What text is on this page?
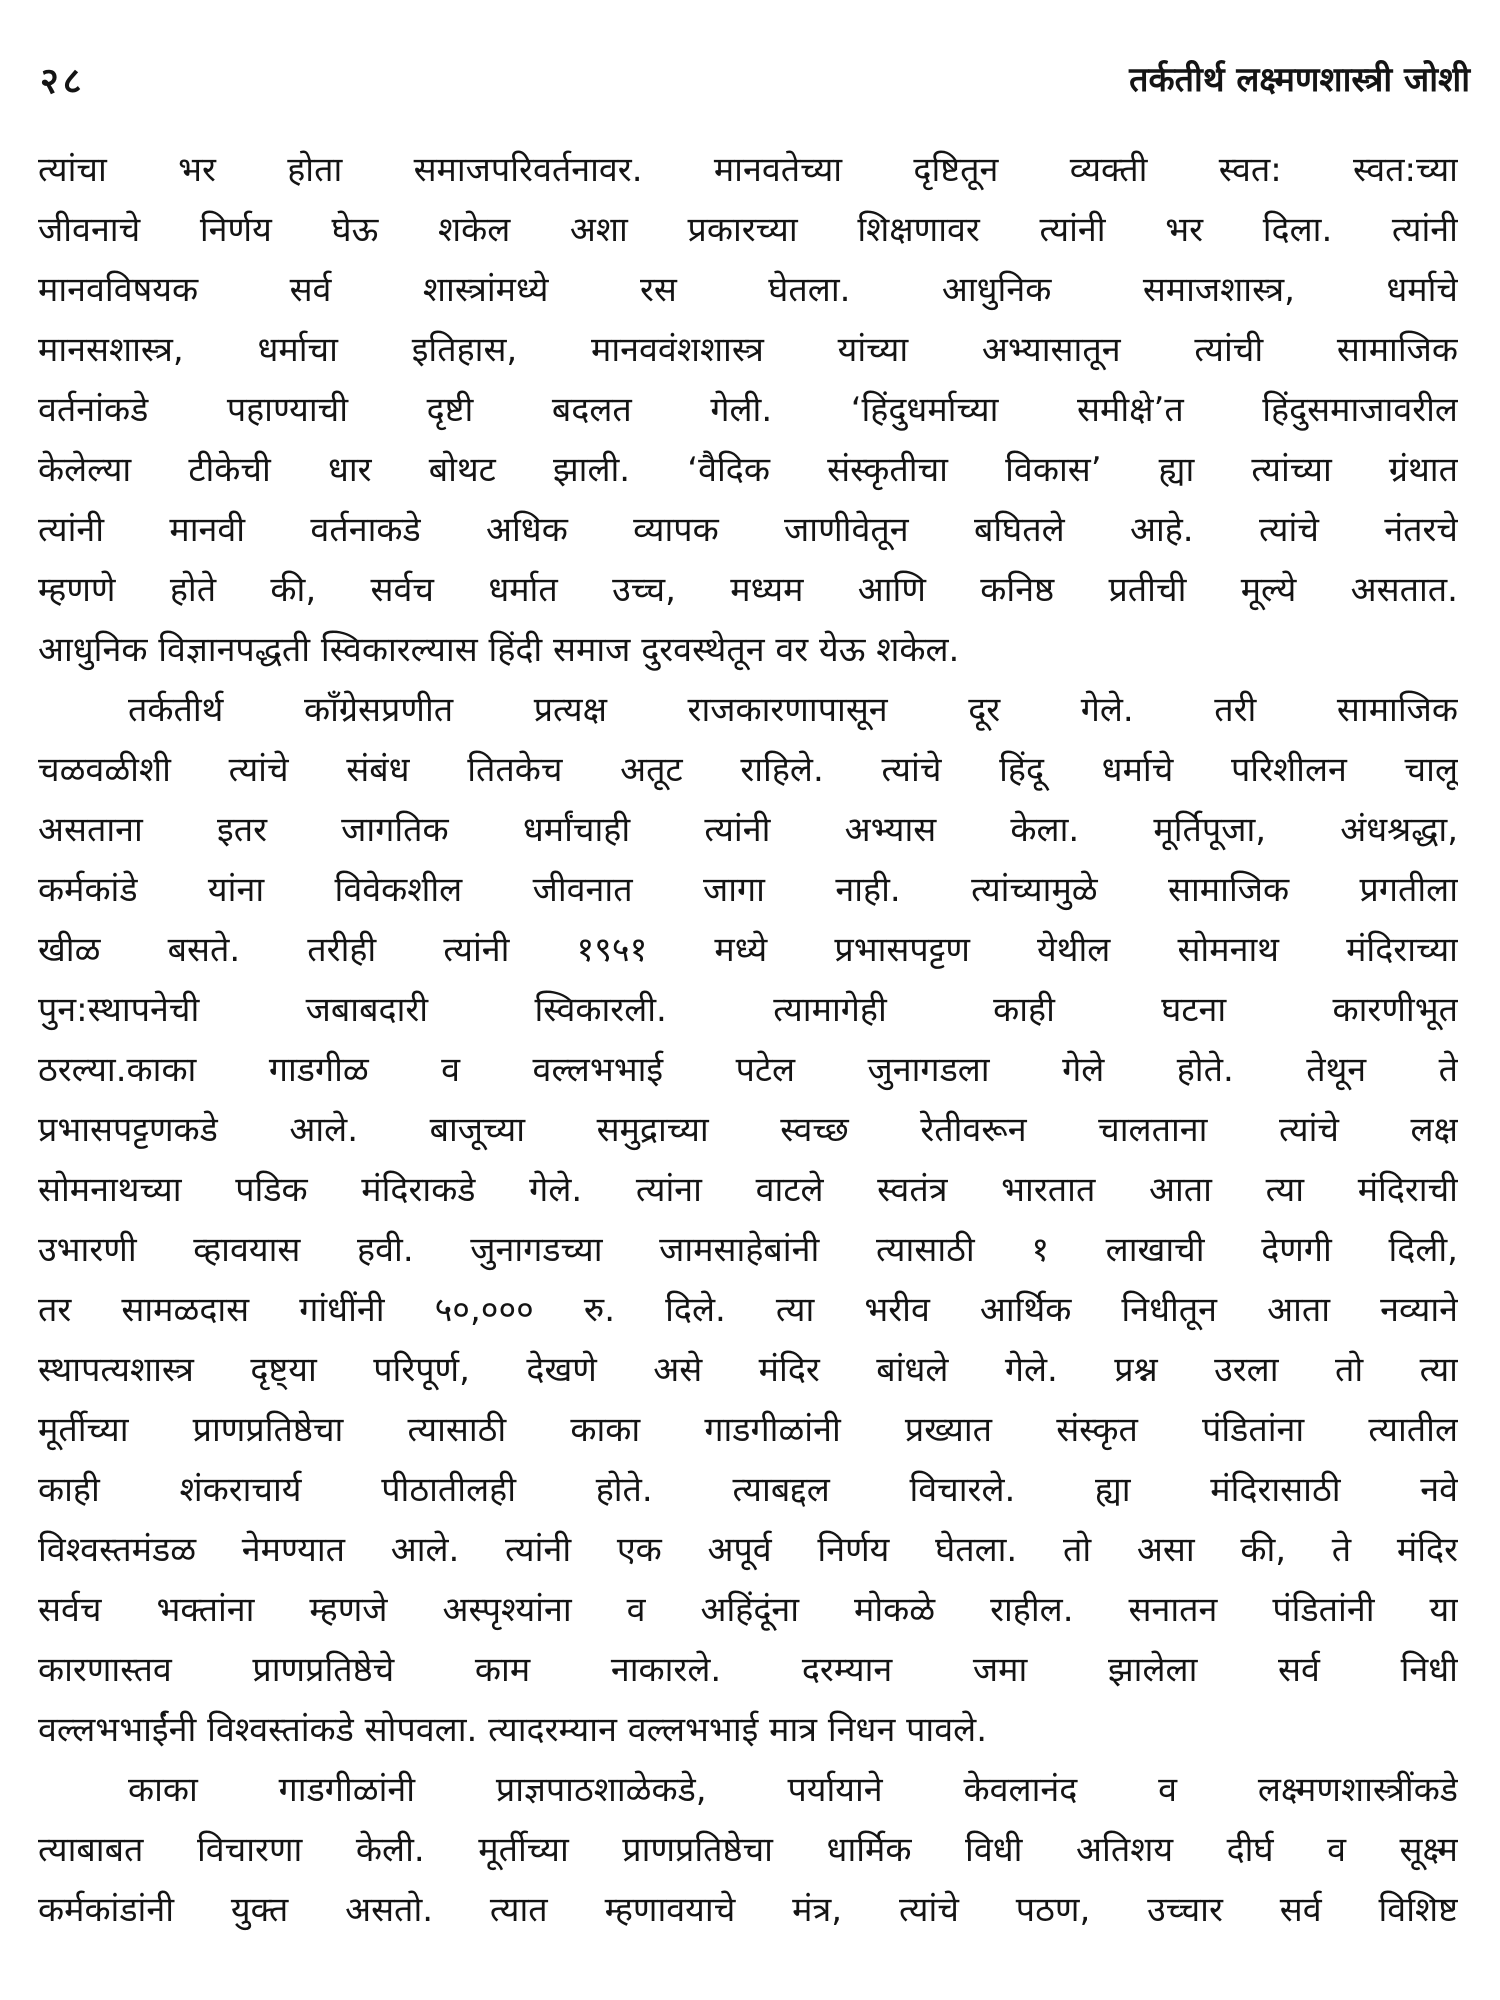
२८	तर्कतीर्थ लक्ष्मणशास्त्री जोशी
त्यांचा भर होता समाजपरिवर्तनावर. मानवतेच्या दृष्टितून व्यक्ती स्वत: स्वत:च्या
जीवनाचे निर्णय घेऊ शकेल अशा प्रकारच्या शिक्षणावर त्यांनी भर दिला. त्यांनी
मानवविषयक सर्व शास्त्रांमध्ये रस घेतला. आधुनिक समाजशास्त्र, धर्माचे
मानसशास्त्र, धर्माचा इतिहास, मानववंशशास्त्र यांच्या अभ्यासातून त्यांची सामाजिक
वर्तनांकडे पहाण्याची दृष्टी बदलत गेली. ‘हिंदुधर्माच्या समीक्षे’त हिंदुसमाजावरील
केलेल्या टीकेची धार बोथट झाली. ‘वैदिक संस्कृतीचा विकास’ ह्या त्यांच्या ग्रंथात
त्यांनी मानवी वर्तनाकडे अधिक व्यापक जाणीवेतून बघितले आहे. त्यांचे नंतरचे
म्हणणे होते की, सर्वच धर्मात उच्च, मध्यम आणि कनिष्ठ प्रतीची मूल्ये असतात.
आधुनिक विज्ञानपद्धती स्विकारल्यास हिंदी समाज दुरवस्थेतून वर येऊ शकेल.
तर्कतीर्थ कॉंग्रेसप्रणीत प्रत्यक्ष राजकारणापासून दूर गेले. तरी सामाजिक
चळवळीशी त्यांचे संबंध तितकेच अतूट राहिले. त्यांचे हिंदू धर्माचे परिशीलन चालू
असताना इतर जागतिक धर्मांचाही त्यांनी अभ्यास केला. मूर्तिपूजा, अंधश्रद्धा,
कर्मकांडे यांना विवेकशील जीवनात जागा नाही. त्यांच्यामुळे सामाजिक प्रगतीला
खीळ बसते. तरीही त्यांनी १९५१ मध्ये प्रभासपट्टण येथील सोमनाथ मंदिराच्या
पुन:स्थापनेची जबाबदारी स्विकारली. त्यामागेही काही घटना कारणीभूत
ठरल्या.काका गाडगीळ व वल्लभभाई पटेल जुनागडला गेले होते. तेथून ते
प्रभासपट्टणकडे आले. बाजूच्या समुद्राच्या स्वच्छ रेतीवरून चालताना त्यांचे लक्ष
सोमनाथच्या पडिक मंदिराकडे गेले. त्यांना वाटले स्वतंत्र भारतात आता त्या मंदिराची
उभारणी व्हावयास हवी. जुनागडच्या जामसाहेबांनी त्यासाठी १ लाखाची देणगी दिली,
तर सामळदास गांधींनी ५०,००० रु. दिले. त्या भरीव आर्थिक निधीतून आता नव्याने
स्थापत्यशास्त्र दृष्ट्या परिपूर्ण, देखणे असे मंदिर बांधले गेले. प्रश्न उरला तो त्या
मूर्तीच्या प्राणप्रतिष्ठेचा त्यासाठी काका गाडगीळांनी प्रख्यात संस्कृत पंडितांना त्यातील
काही शंकराचार्य पीठातीलही होते. त्याबद्दल विचारले. ह्या मंदिरासाठी नवे
विश्वस्तमंडळ नेमण्यात आले. त्यांनी एक अपूर्व निर्णय घेतला. तो असा की, ते मंदिर
सर्वच भक्तांना म्हणजे अस्पृश्यांना व अहिंदूंना मोकळे राहील. सनातन पंडितांनी या
कारणास्तव प्राणप्रतिष्ठेचे काम नाकारले. दरम्यान जमा झालेला सर्व निधी
वल्लभभाईंनी विश्वस्तांकडे सोपवला. त्यादरम्यान वल्लभभाई मात्र निधन पावले.
काका गाडगीळांनी प्राज्ञपाठशाळेकडे, पर्यायाने केवलानंद व लक्ष्मणशास्त्रींकडे
त्याबाबत विचारणा केली. मूर्तीच्या प्राणप्रतिष्ठेचा धार्मिक विधी अतिशय दीर्घ व सूक्ष्म
कर्मकांडांनी युक्त असतो. त्यात म्हणावयाचे मंत्र, त्यांचे पठण, उच्चार सर्व विशिष्ट
